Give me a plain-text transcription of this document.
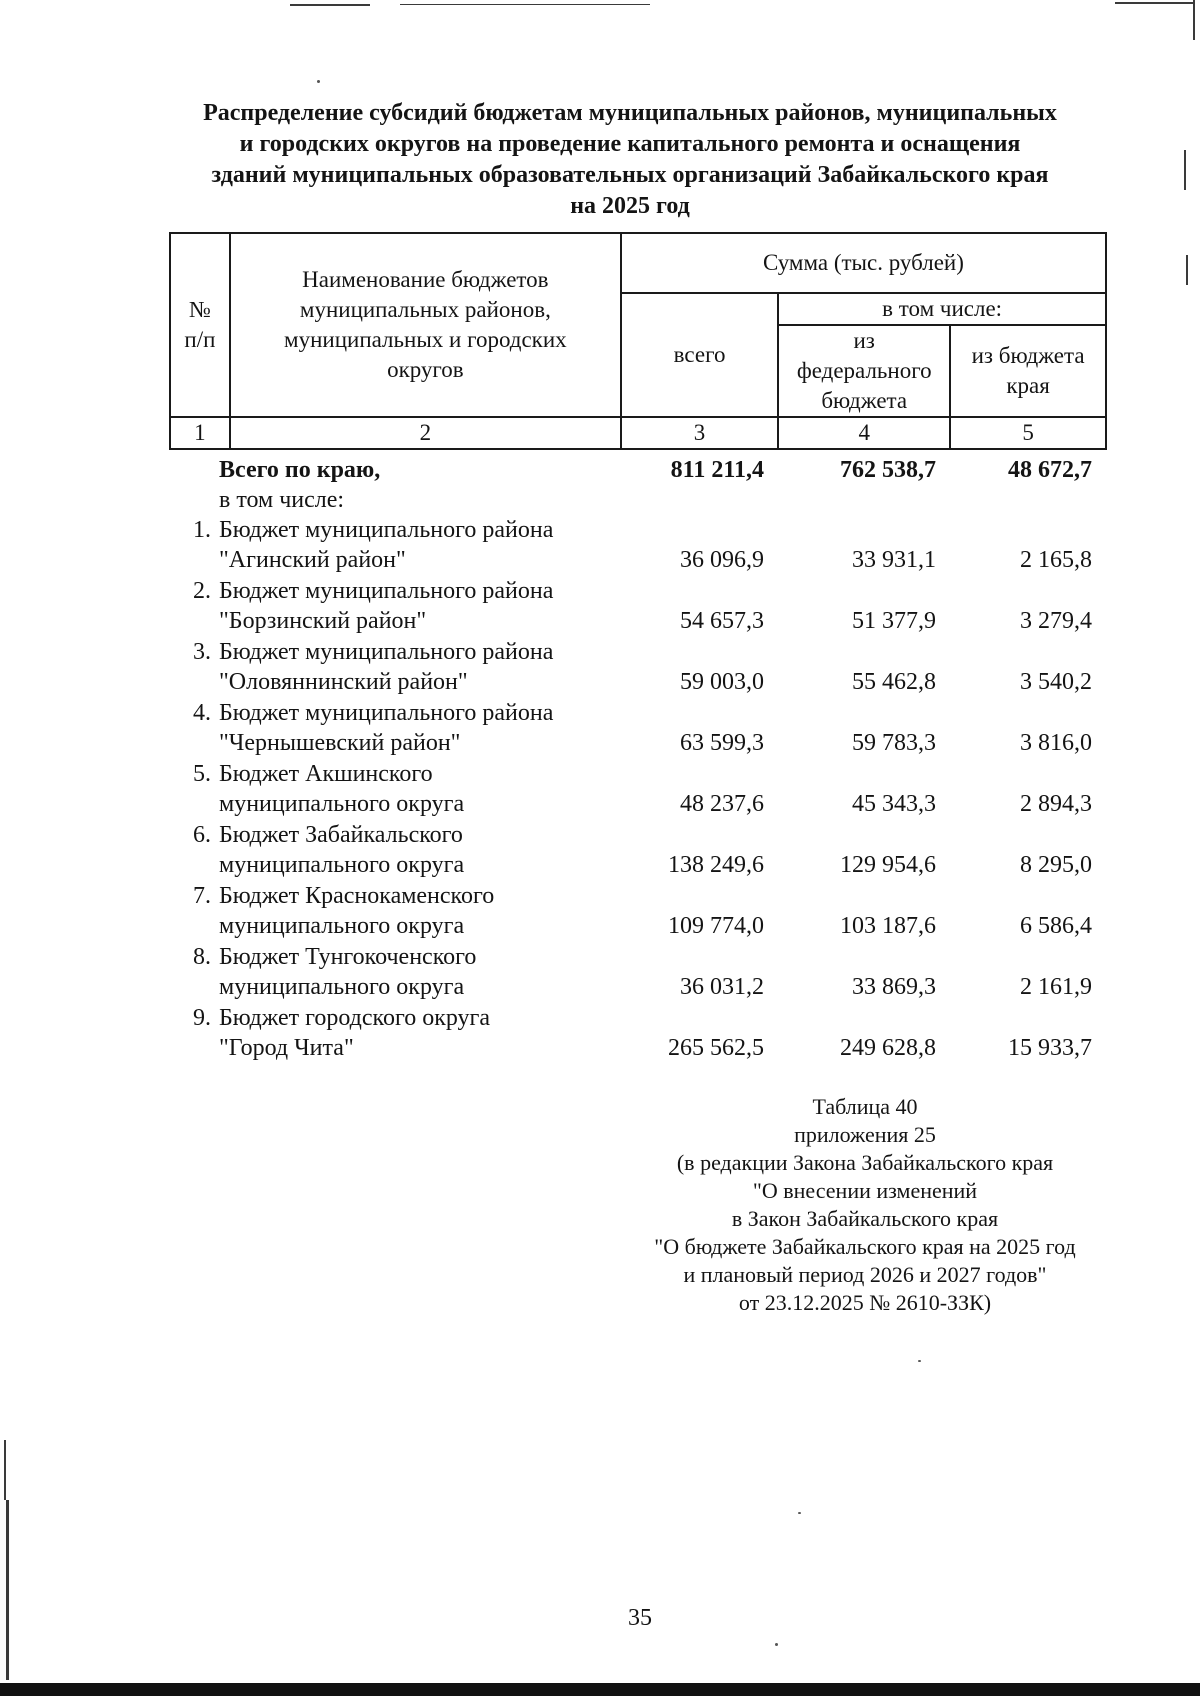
Распределение субсидий бюджетам муниципальных районов, муниципальных
и городских округов на проведение капитального ремонта и оснащения
зданий муниципальных образовательных организаций Забайкальского края
на 2025 год
№ п/п	Наименование бюджетов муниципальных районов, муниципальных и городских округов	Сумма (тыс. рублей)		
		всего	в том числе:	
			из федерального бюджета	из бюджета края
1	2	3	4	5
Всего по краю,	811 211,4	762 538,7	48 672,7
в том числе:
1. Бюджет муниципального района
"Агинский район"	36 096,9	33 931,1	2 165,8
2. Бюджет муниципального района
"Борзинский район"	54 657,3	51 377,9	3 279,4
3. Бюджет муниципального района
"Оловяннинский район"	59 003,0	55 462,8	3 540,2
4. Бюджет муниципального района
"Чернышевский район"	63 599,3	59 783,3	3 816,0
5. Бюджет Акшинского
муниципального округа	48 237,6	45 343,3	2 894,3
6. Бюджет Забайкальского
муниципального округа	138 249,6	129 954,6	8 295,0
7. Бюджет Краснокаменского
муниципального округа	109 774,0	103 187,6	6 586,4
8. Бюджет Тунгокоченского
муниципального округа	36 031,2	33 869,3	2 161,9
9. Бюджет городского округа
"Город Чита"	265 562,5	249 628,8	15 933,7
Таблица 40
приложения 25
(в редакции Закона Забайкальского края
"О внесении изменений
в Закон Забайкальского края
"О бюджете Забайкальского края на 2025 год
и плановый период 2026 и 2027 годов"
от 23.12.2025 № 2610-ЗЗК)
35
